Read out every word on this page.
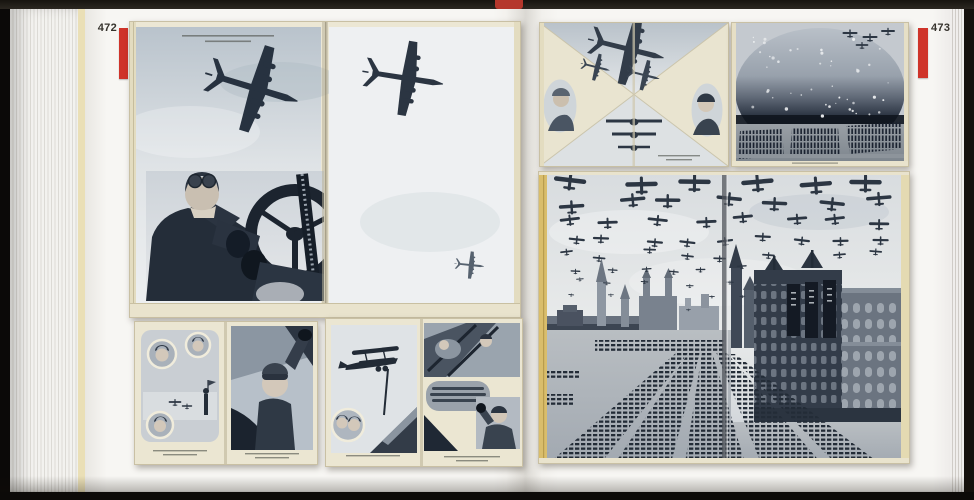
472	473
